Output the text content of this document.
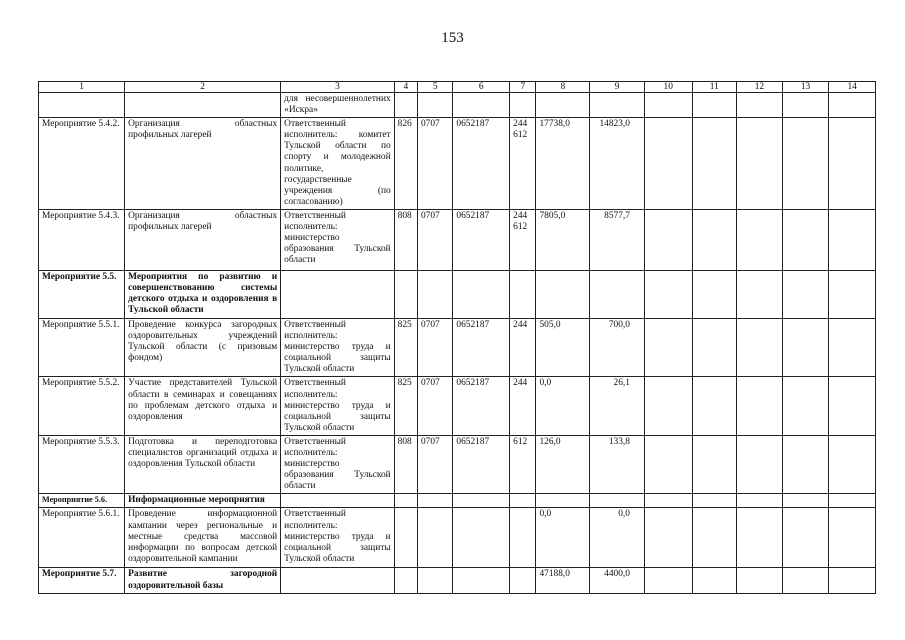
153
1	2	3	4	5	6	7	8	9	10	11	12	13	14
		для несовершеннолетних «Искра»											
Мероприятие 5.4.2.	Организация областных профильных лагерей	Ответственный исполнитель: комитет Тульской области по спорту и молодежной политике, государственные учреждения (по согласованию)	826	0707	0652187	244 612	17738,0	14823,0					
Мероприятие 5.4.3.	Организация областных профильных лагерей	Ответственный исполнитель: министерство образования Тульской области	808	0707	0652187	244 612	7805,0	8577,7					
Мероприятие 5.5.	Мероприятия по развитию и совершенствованию системы детского отдыха и оздоровления в Тульской области												
Мероприятие 5.5.1.	Проведение конкурса загородных оздоровительных учреждений Тульской области (с призовым фондом)	Ответственный исполнитель: министерство труда и социальной защиты Тульской области	825	0707	0652187	244	505,0	700,0					
Мероприятие 5.5.2.	Участие представителей Тульской области в семинарах и совещаниях по проблемам детского отдыха и оздоровления	Ответственный исполнитель: министерство труда и социальной защиты Тульской области	825	0707	0652187	244	0,0	26,1					
Мероприятие 5.5.3.	Подготовка и переподготовка специалистов организаций отдыха и оздоровления Тульской области	Ответственный исполнитель: министерство образования Тульской области	808	0707	0652187	612	126,0	133,8					
Мероприятие 5.6.	Информационные мероприятия												
Мероприятие 5.6.1.	Проведение информационной кампании через региональные и местные средства массовой информации по вопросам детской оздоровительной кампании	Ответственный исполнитель: министерство труда и социальной защиты Тульской области					0,0	0,0					
Мероприятие 5.7.	Развитие загородной оздоровительной базы						47188,0	4400,0					
